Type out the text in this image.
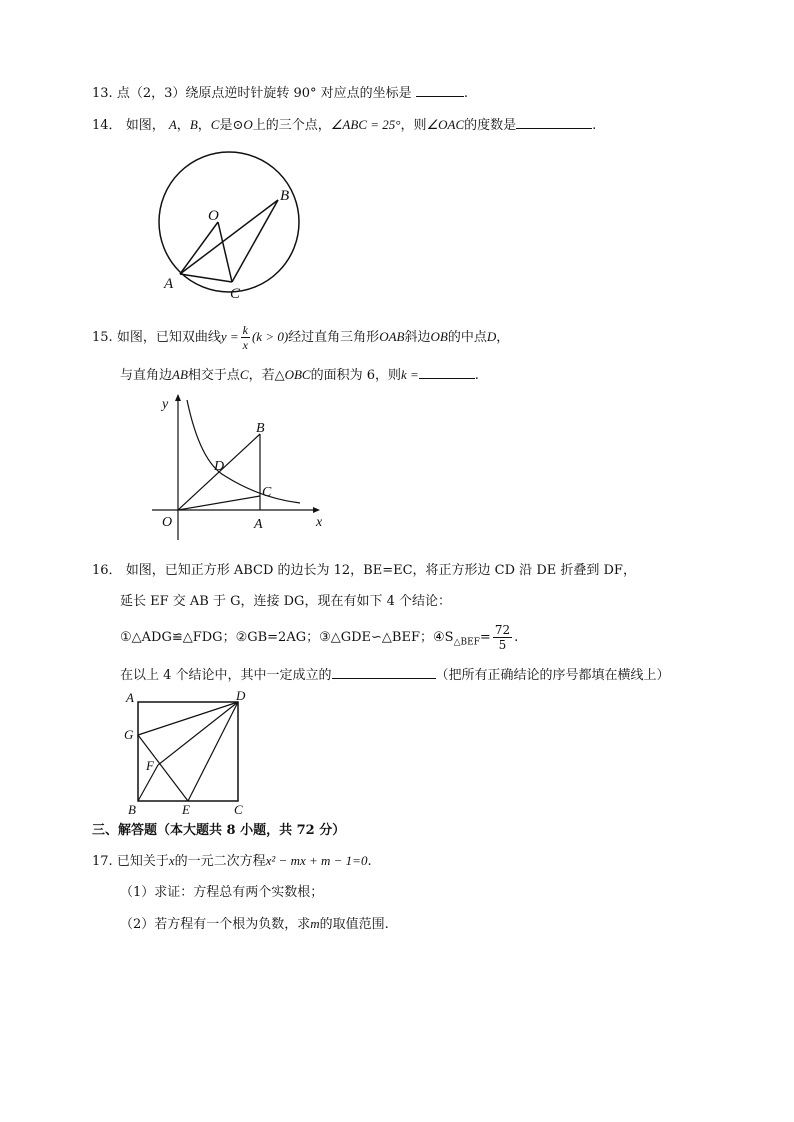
13. 点（2，3）绕原点逆时针旋转 90° 对应点的坐标是	.
14． 如图， A，B，C是⊙O上的三个点，∠ABC = 25°，则∠OAC的度数是	.
O
B
A
C
15. 如图，已知双曲线$y = \frac{k}{x} (k > 0)$经过直角三角形OAB斜边OB的中点D，
与直角边AB相交于点C，若△OBC的面积为 6，则k =	.
y
x
O	A
B
C
D
16． 如图，已知正方形 ABCD 的边长为 12，BE=EC，将正方形边 CD 沿 DE 折叠到 DF，
延长 EF 交 AB 于 G，连接 DG，现在有如下 4 个结论：
①△ADG≌△FDG；②GB=2AG；③△GDE∽△BEF；$④S_{\triangle BEF}= \frac{72}{5}$ .
在以上 4 个结论中，其中一定成立的	（把所有正确结论的序号都填在横线上）
A	D
G
F
B	E	C
三、解答题（本大题共 8 小题，共 72 分）
17. 已知关于x的一元二次方程x² − mx + m − 1=0.
（1）求证：方程总有两个实数根；
（2）若方程有一个根为负数，求m的取值范围.
